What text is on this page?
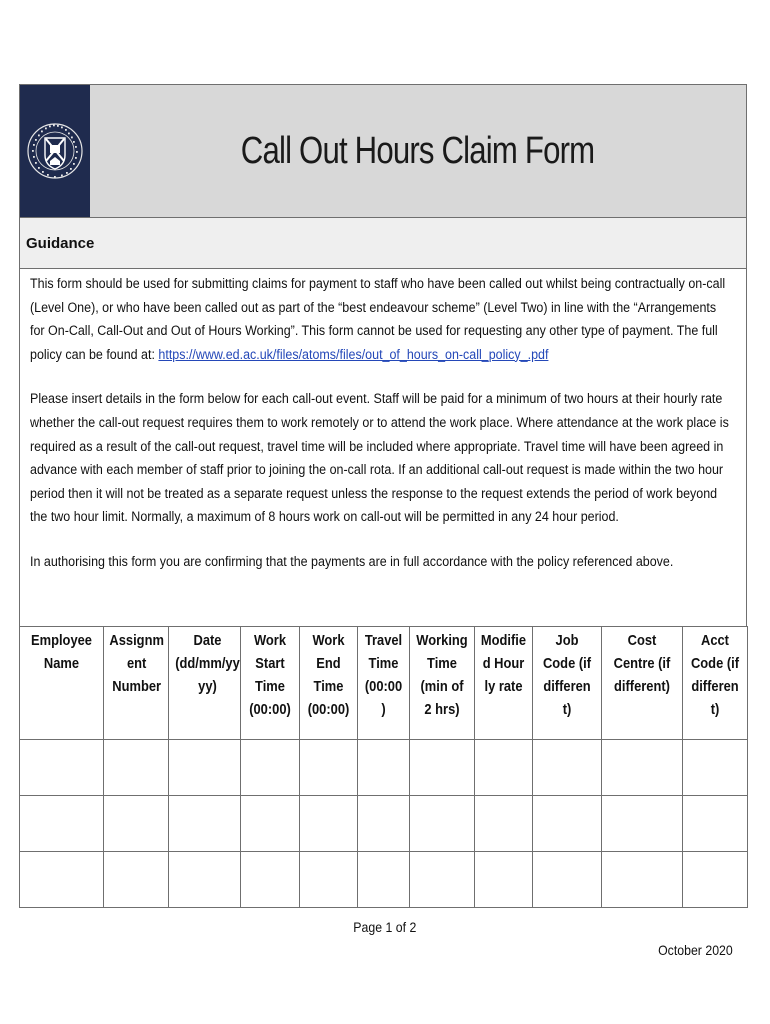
Call Out Hours Claim Form
Guidance

This form should be used for submitting claims for payment to staff who have been called out whilst being contractually on-call (Level One), or who have been called out as part of the “best endeavour scheme” (Level Two) in line with the “Arrangements for On-Call, Call-Out and Out of Hours Working”. This form cannot be used for requesting any other type of payment. The full policy can be found at: https://www.ed.ac.uk/files/atoms/files/out_of_hours_on-call_policy_.pdf

Please insert details in the form below for each call-out event. Staff will be paid for a minimum of two hours at their hourly rate whether the call-out request requires them to work remotely or to attend the work place. Where attendance at the work place is required as a result of the call-out request, travel time will be included where appropriate. Travel time will have been agreed in advance with each member of staff prior to joining the on-call rota. If an additional call-out request is made within the two hour period then it will not be treated as a separate request unless the response to the request extends the period of work beyond the two hour limit. Normally, a maximum of 8 hours work on call-out will be permitted in any 24 hour period.

In authorising this form you are confirming that the payments are in full accordance with the policy referenced above.

Employee Name	Assignm ent Number	Date (dd/mm/yy yy)	Work Start Time (00:00)	Work End Time (00:00)	Travel Time (00:00 )	Working Time (min of 2 hrs)	Modifie d Hour ly rate	Job Code (if differen t)	Cost Centre (if different)	Acct Code (if differen t)

Page 1 of 2
October 2020
